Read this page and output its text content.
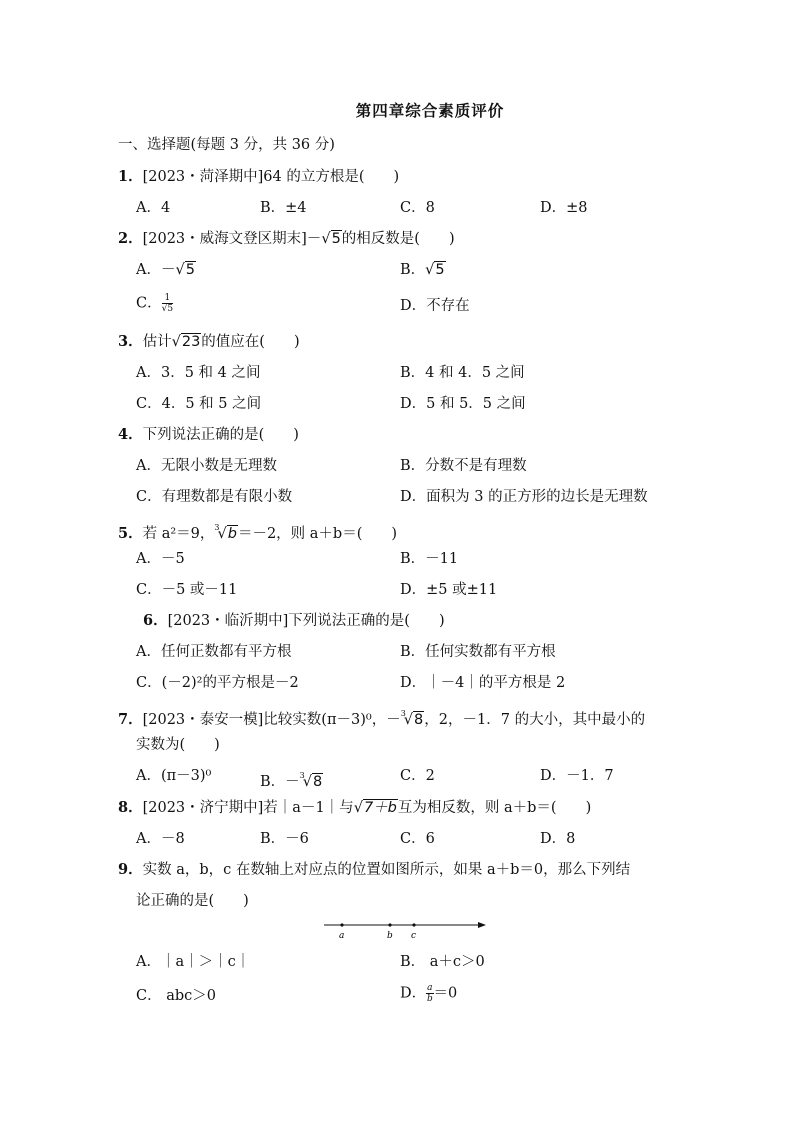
第四章综合素质评价
一、选择题(每题 3 分，共 36 分)
1．[2023・菏泽期中]64 的立方根是(　　)
A．4	B．±4	C．8	D．±8
2．[2023・威海文登区期末]－√5的相反数是(　　)
A．－√5	B．√5
C． $\frac{1}{√5}$	D．不存在
3．估计√23的值应在(　　)
A．3．5 和 4 之间	B．4 和 4．5 之间
C．4．5 和 5 之间	D．5 和 5．5 之间
4．下列说法正确的是(　　)
A．无限小数是无理数	B．分数不是有理数
C．有理数都是有限小数	D．面积为 3 的正方形的边长是无理数
5．若 a²＝9，$^3$√b＝－2，则 a＋b＝(　　)
A．－5	B．－11
C．－5 或－11	D．±5 或±11
6．[2023・临沂期中]下列说法正确的是(　　)
A．任何正数都有平方根	B．任何实数都有平方根
C．(－2)²的平方根是－2	D．｜－4｜的平方根是 2
7．[2023・泰安一模]比较实数(π－3)⁰，－$^3$√8，2，－1．7 的大小，其中最小的
实数为(　　)
A．(π－3)⁰	B．－$^3$√8	C．2	D．－1．7
8．[2023・济宁期中]若｜a－1｜与√7＋b互为相反数，则 a＋b＝(　　)
A．－8	B．－6	C．6	D．8
9．实数 a，b，c 在数轴上对应点的位置如图所示，如果 a＋b＝0，那么下列结
论正确的是(　　)
a	b c
A．｜a｜＞｜c｜	B． a＋c＞0
C． abc＞0	D． $\frac{a}{b} =0$
